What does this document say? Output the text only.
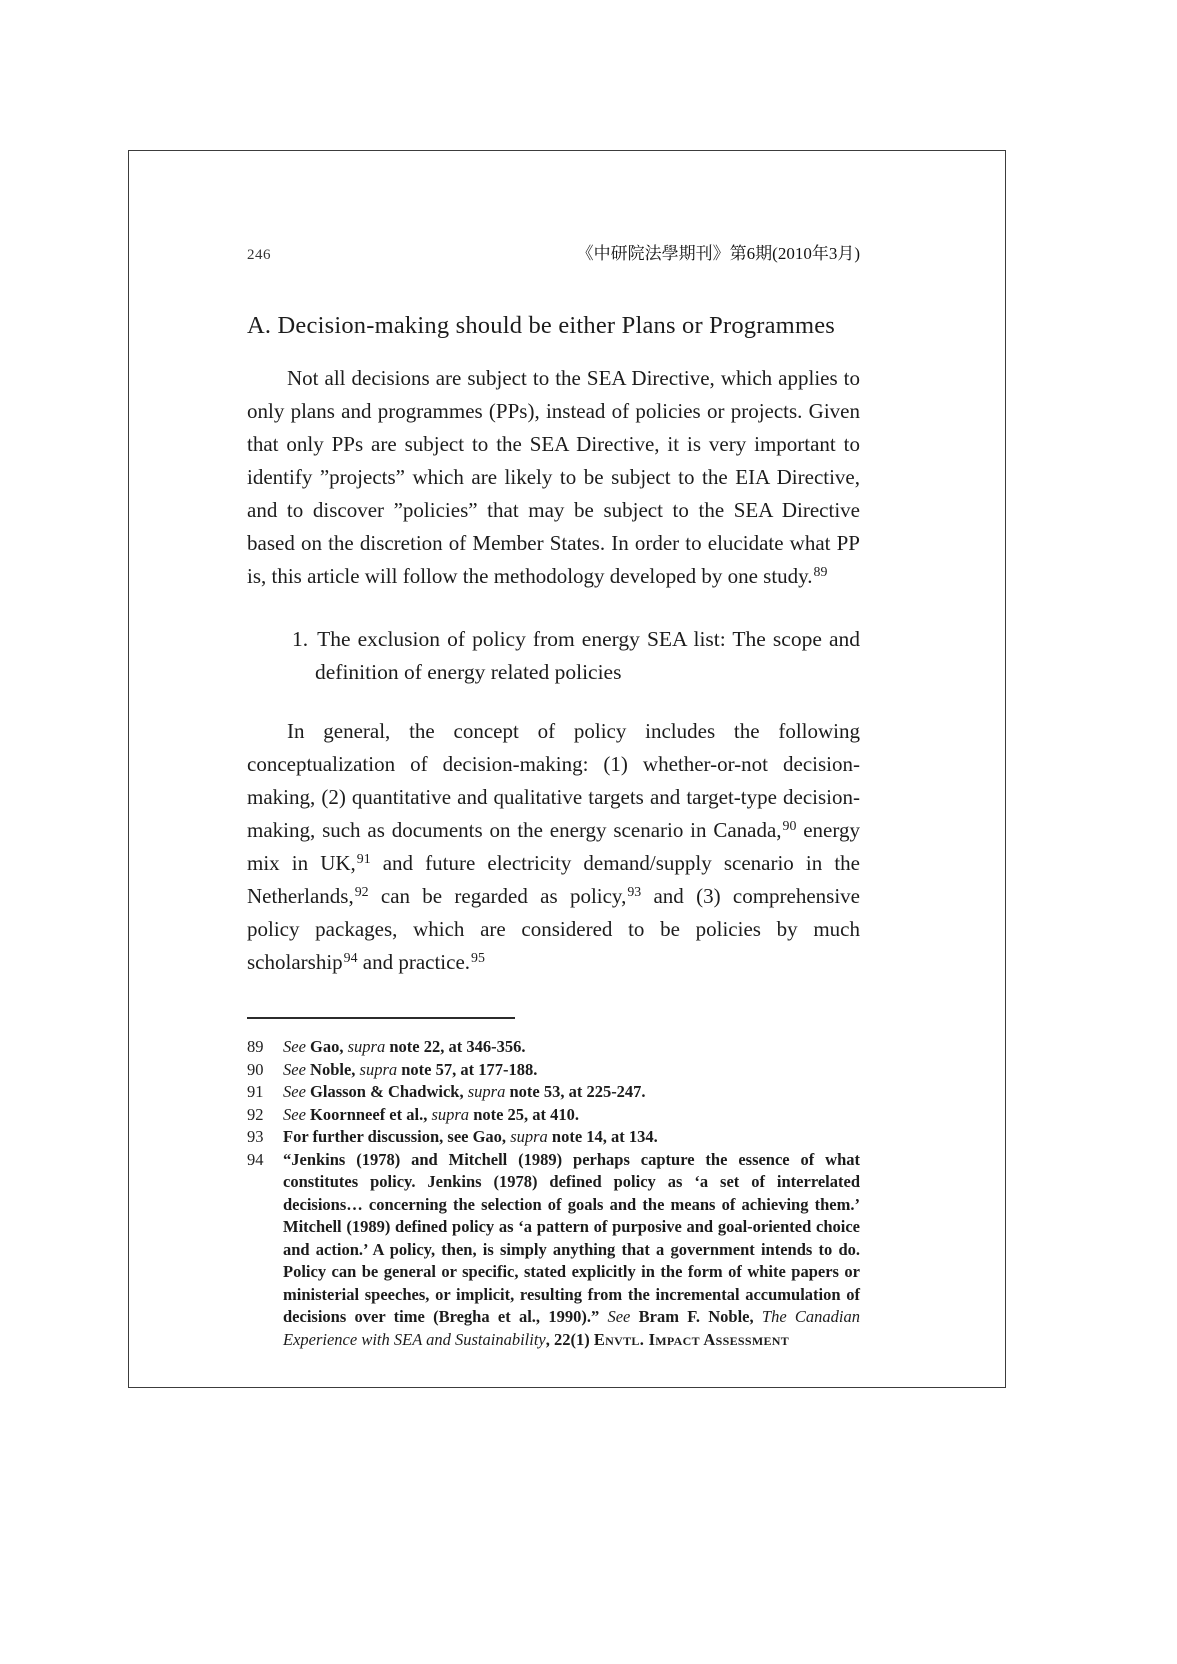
246	《中研院法學期刊》第6期(2010年3月)
A. Decision-making should be either Plans or Programmes

Not all decisions are subject to the SEA Directive, which applies to only plans and programmes (PPs), instead of policies or projects. Given that only PPs are subject to the SEA Directive, it is very important to identify ”projects” which are likely to be subject to the EIA Directive, and to discover ”policies” that may be subject to the SEA Directive based on the discretion of Member States. In order to elucidate what PP is, this article will follow the methodology developed by one study.$^{89}$

1. The exclusion of policy from energy SEA list: The scope and definition of energy related policies

In general, the concept of policy includes the following conceptualization of decision-making: (1) whether-or-not decision-making, (2) quantitative and qualitative targets and target-type decision-making, such as documents on the energy scenario in Canada,$^{90}$ energy mix in UK,$^{91}$ and future electricity demand/supply scenario in the Netherlands,$^{92}$ can be regarded as policy,$^{93}$ and (3) comprehensive policy packages, which are considered to be policies by much scholarship$^{94}$ and practice.$^{95}$

89 See Gao, supra note 22, at 346-356.
90 See Noble, supra note 57, at 177-188.
91 See Glasson & Chadwick, supra note 53, at 225-247.
92 See Koornneef et al., supra note 25, at 410.
93 For further discussion, see Gao, supra note 14, at 134.
94 “Jenkins (1978) and Mitchell (1989) perhaps capture the essence of what constitutes policy. Jenkins (1978) defined policy as ‘a set of interrelated decisions… concerning the selection of goals and the means of achieving them.’ Mitchell (1989) defined policy as ‘a pattern of purposive and goal-oriented choice and action.’ A policy, then, is simply anything that a government intends to do. Policy can be general or specific, stated explicitly in the form of white papers or ministerial speeches, or implicit, resulting from the incremental accumulation of decisions over time (Bregha et al., 1990).” See Bram F. Noble, The Canadian Experience with SEA and Sustainability, 22(1) Envtl. Impact Assessment
